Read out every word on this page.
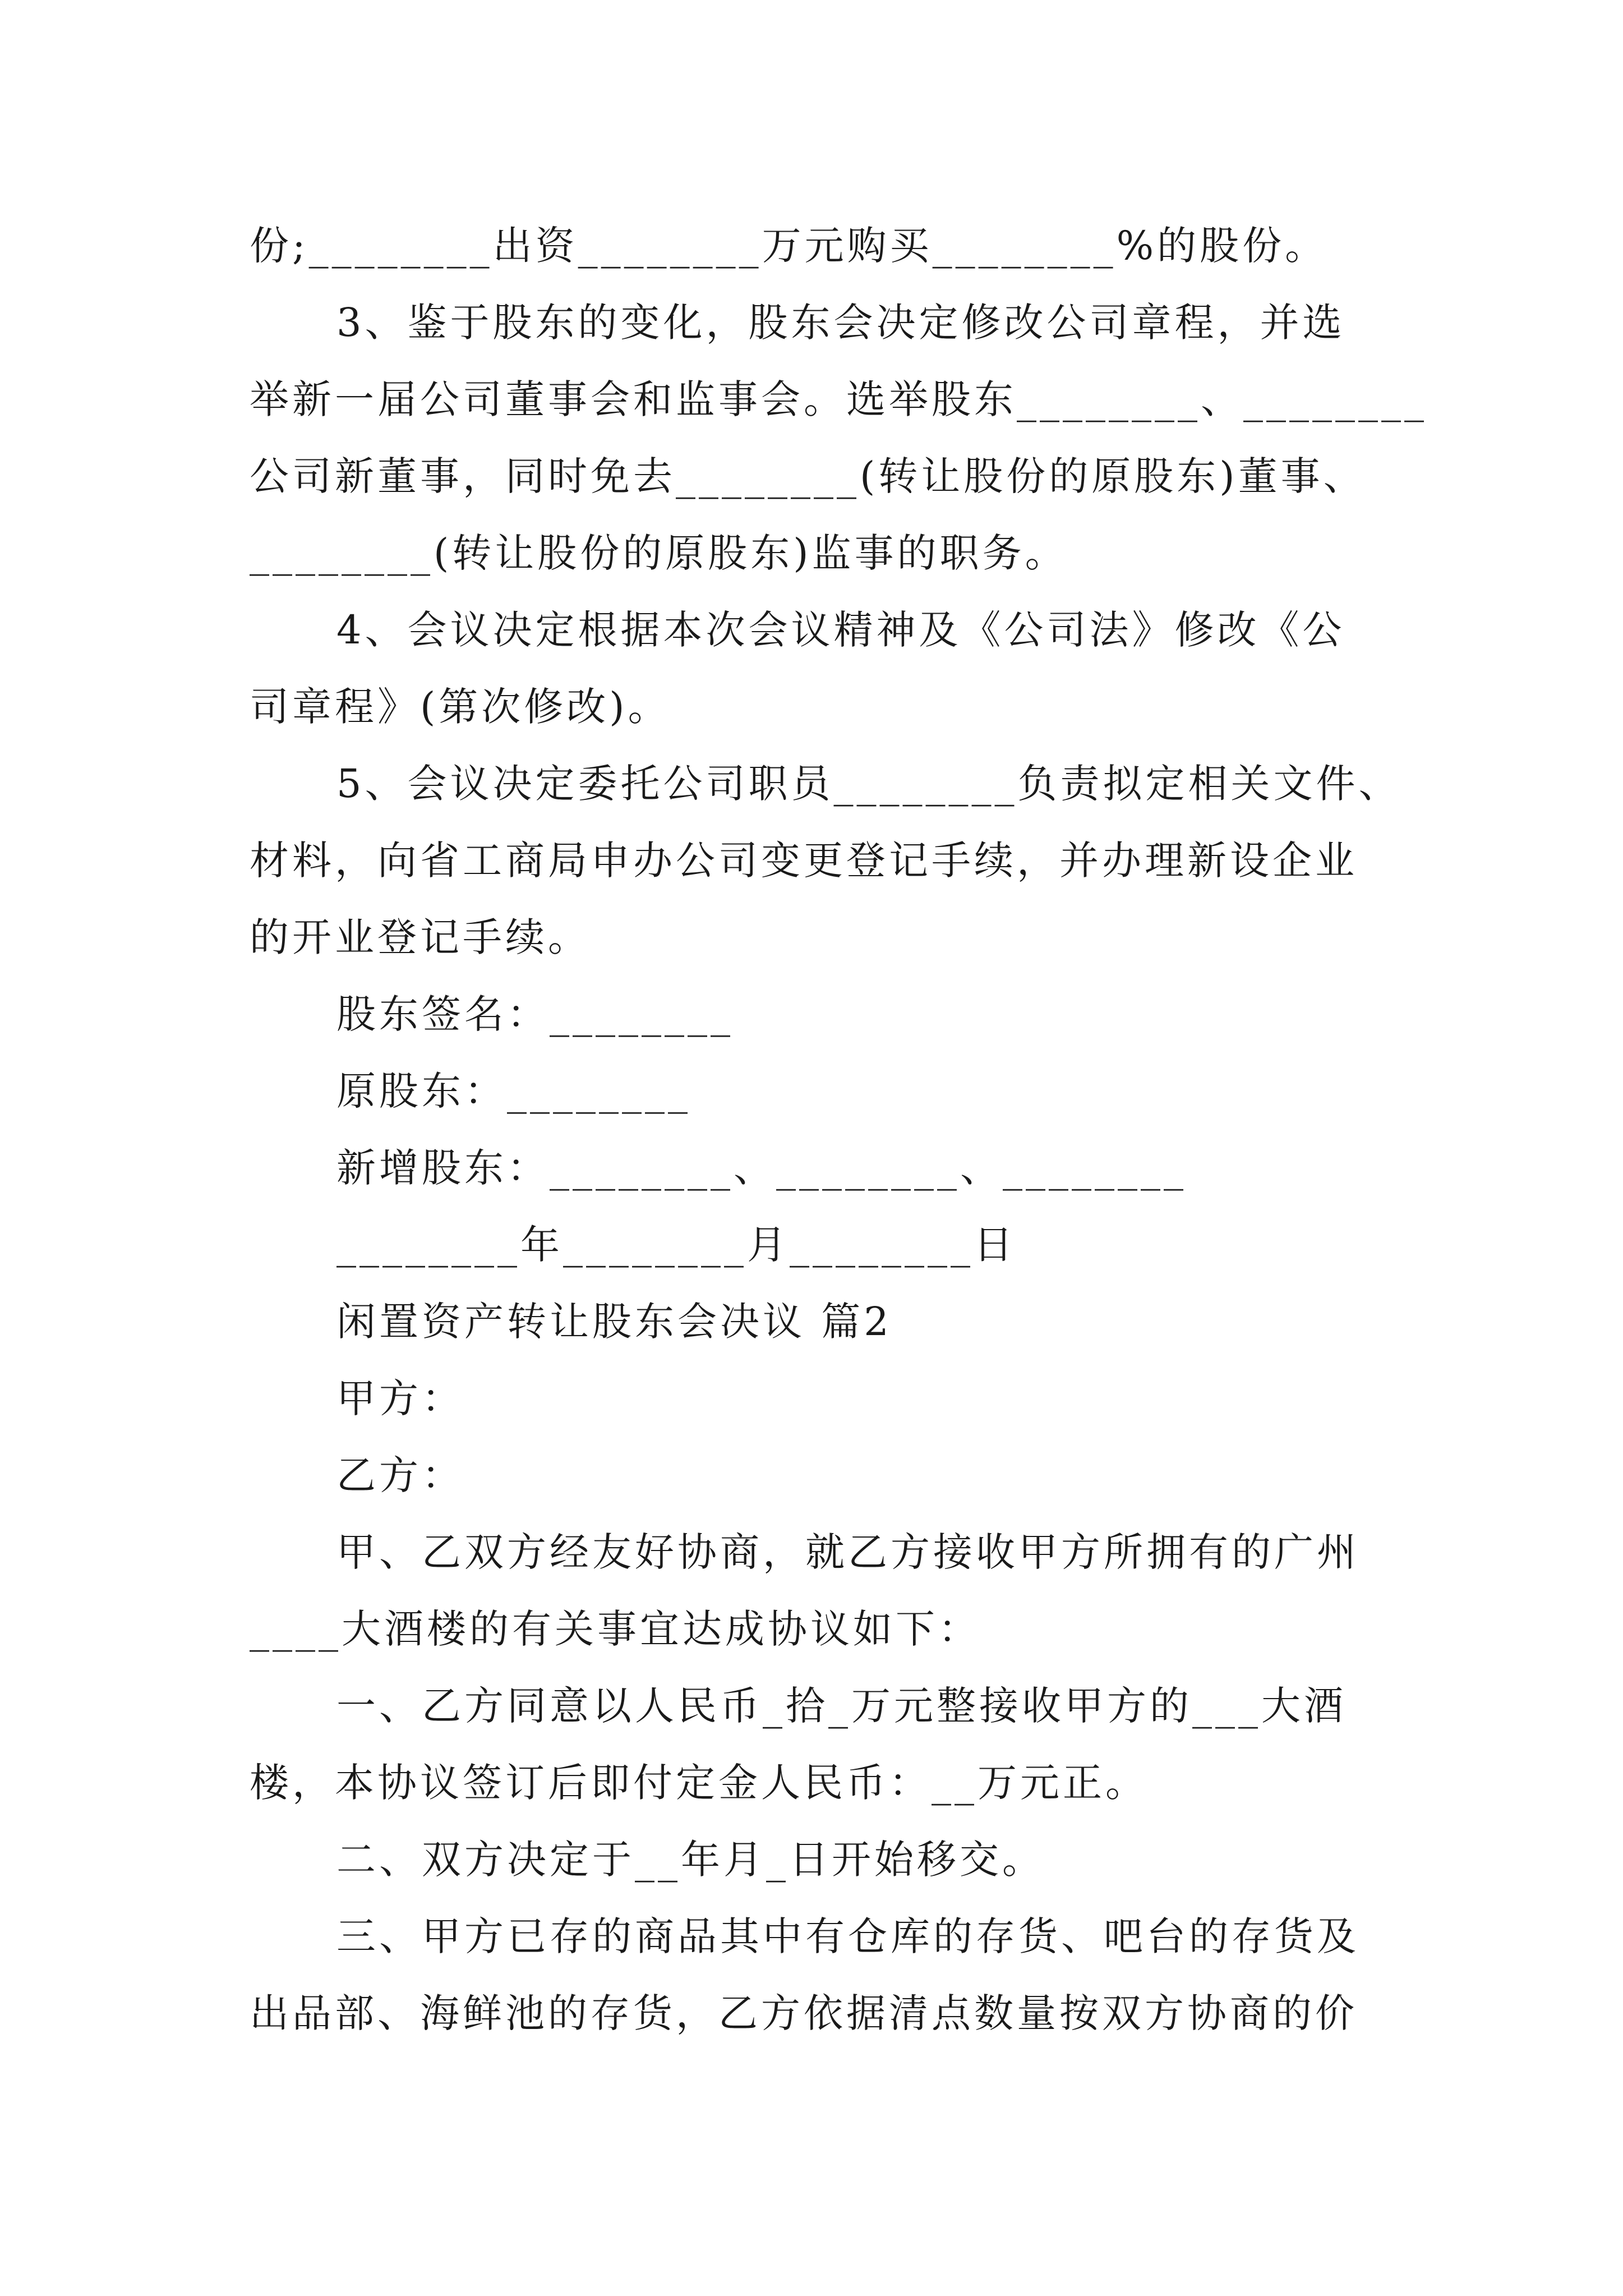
份;________出资________万元购买________%的股份。
3、鉴于股东的变化，股东会决定修改公司章程，并选
举新一届公司董事会和监事会。选举股东________、________
公司新董事，同时免去________(转让股份的原股东)董事、
________(转让股份的原股东)监事的职务。
4、会议决定根据本次会议精神及《公司法》修改《公
司章程》(第次修改)。
5、会议决定委托公司职员________负责拟定相关文件、
材料，向省工商局申办公司变更登记手续，并办理新设企业
的开业登记手续。
股东签名：________
原股东：________
新增股东：________、________、________
________年________月________日
闲置资产转让股东会决议 篇2
甲方：
乙方：
甲、乙双方经友好协商，就乙方接收甲方所拥有的广州
____大酒楼的有关事宜达成协议如下：
一、乙方同意以人民币_拾_万元整接收甲方的___大酒
楼，本协议签订后即付定金人民币：__万元正。
二、双方决定于__年月_日开始移交。
三、甲方已存的商品其中有仓库的存货、吧台的存货及
出品部、海鲜池的存货，乙方依据清点数量按双方协商的价
